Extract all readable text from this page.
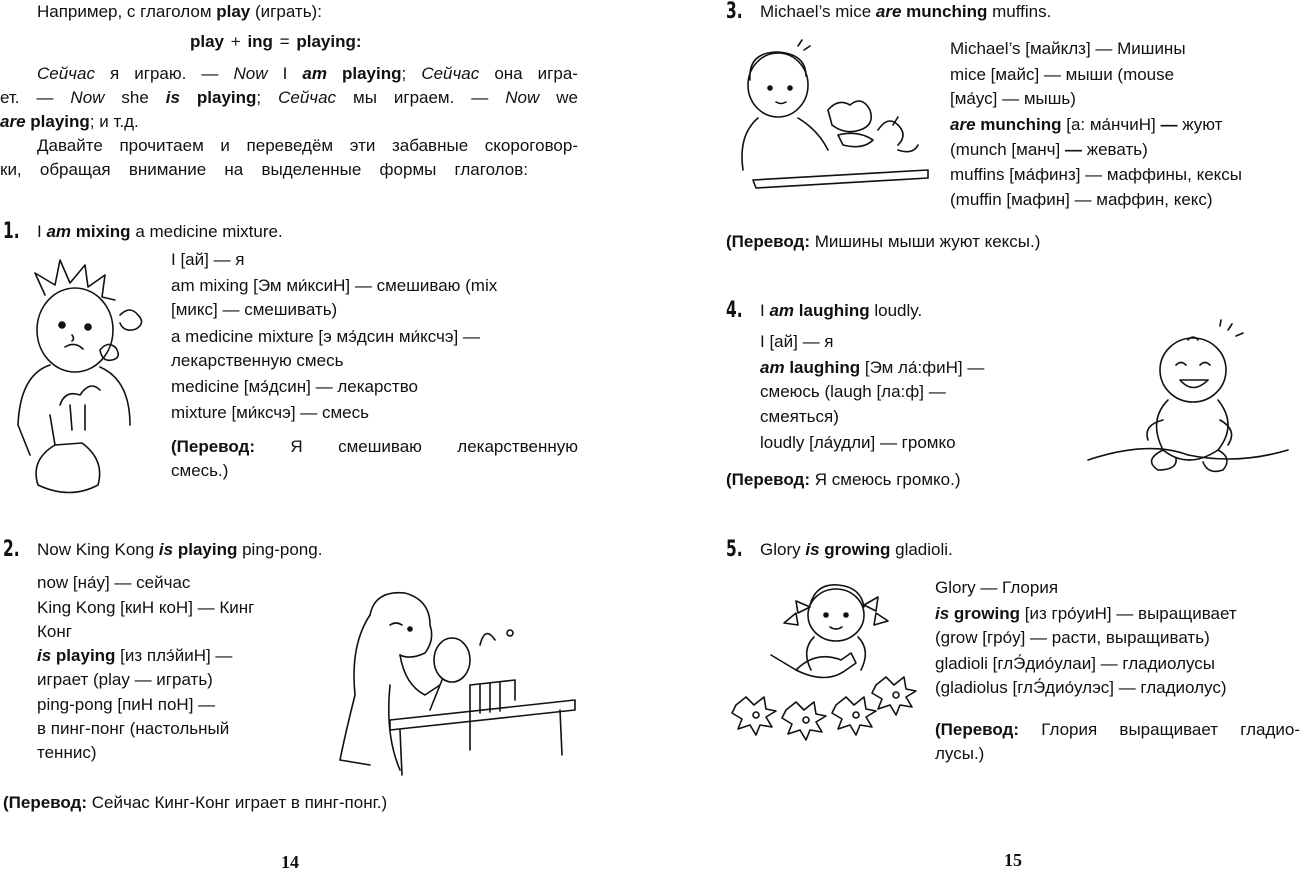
Например, с глаголом play (играть):
play + ing = playing:
Сейчас я играю. — Now I am playing; Сейчас она игра-
ет. — Now she is playing; Сейчас мы играем. — Now we
are playing; и т.д.
Давайте прочитаем и переведём эти забавные скороговор-
ки, обращая внимание на выделенные формы глаголов:
1. I am mixing a medicine mixture.
I [ай] — я
am mixing [Эм ми́ксиН] — смешиваю (mix
[микс] — смешивать)
a medicine mixture [э мэ́дсин ми́ксчэ] —
лекарственную смесь
medicine [мэ́дсин] — лекарство
mixture [ми́ксчэ] — смесь
(Перевод: Я смешиваю лекарственную
смесь.)
2. Now King Kong is playing ping-pong.
now [на́у] — сейчас
King Kong [киН коН] — Кинг
Конг
is playing [из плэ́йиН] —
играет (play — играть)
ping-pong [пиН поН] —
в пинг-понг (настольный
теннис)
(Перевод: Сейчас Кинг-Конг играет в пинг-понг.)
14
3. Michael’s mice are munching muffins.
Michael’s [майклз] — Мишины
mice [майс] — мыши (mouse
[ма́ус] — мышь)
are munching [а: ма́нчиН] — жуют
(munch [манч] — жевать)
muffins [ма́финз] — маффины, кексы
(muffin [мафин] — маффин, кекс)
(Перевод: Мишины мыши жуют кексы.)
4. I am laughing loudly.
I [ай] — я
am laughing [Эм ла́:фиН] —
смеюсь (laugh [ла:ф] —
смеяться)
loudly [ла́удли] — громко
(Перевод: Я смеюсь громко.)
5. Glory is growing gladioli.
Glory — Глория
is growing [из гро́уиН] — выращивает
(grow [гро́у] — расти, выращивать)
gladioli [глЭ́дио́улаи] — гладиолусы
(gladiolus [глЭ́дио́улэс] — гладиолус)
(Перевод: Глория выращивает гладио-
лусы.)
15
